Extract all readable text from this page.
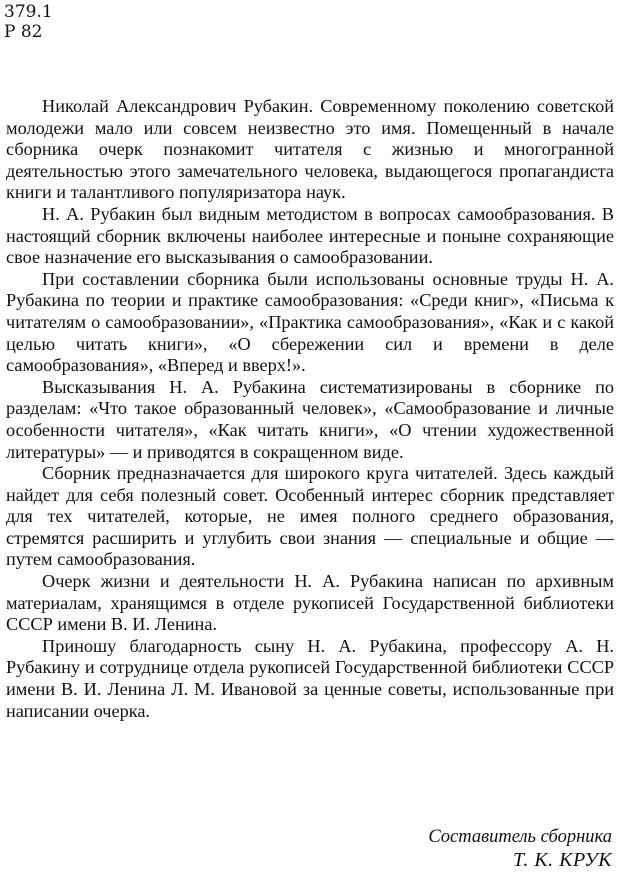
379.1
Р 82

Николай Александрович Рубакин. Современному поколению советской молодежи мало или совсем неизвестно это имя. Помещенный в начале сборника очерк познакомит читателя с жизнью и многогранной деятельностью этого замечательного человека, выдающегося пропагандиста книги и талантливого популяризатора наук.

Н. А. Рубакин был видным методистом в вопросах самообразования. В настоящий сборник включены наиболее интересные и поныне сохраняющие свое назначение его высказывания о самообразовании.

При составлении сборника были использованы основные труды Н. А. Рубакина по теории и практике самообразования: «Среди книг», «Письма к читателям о самообразовании», «Практика самообразования», «Как и с какой целью читать книги», «О сбережении сил и времени в деле самообразования», «Вперед и вверх!».

Высказывания Н. А. Рубакина систематизированы в сборнике по разделам: «Что такое образованный человек», «Самообразование и личные особенности читателя», «Как читать книги», «О чтении художественной литературы» — и приводятся в сокращенном виде.

Сборник предназначается для широкого круга читателей. Здесь каждый найдет для себя полезный совет. Особенный интерес сборник представляет для тех читателей, которые, не имея полного среднего образования, стремятся расширить и углубить свои знания — специальные и общие — путем самообразования.

Очерк жизни и деятельности Н. А. Рубакина написан по архивным материалам, хранящимся в отделе рукописей Государственной библиотеки СССР имени В. И. Ленина.

Приношу благодарность сыну Н. А. Рубакина, профессору А. Н. Рубакину и сотруднице отдела рукописей Государственной библиотеки СССР имени В. И. Ленина Л. М. Ивановой за ценные советы, использованные при написании очерка.

Составитель сборника
Т. К. КРУК
